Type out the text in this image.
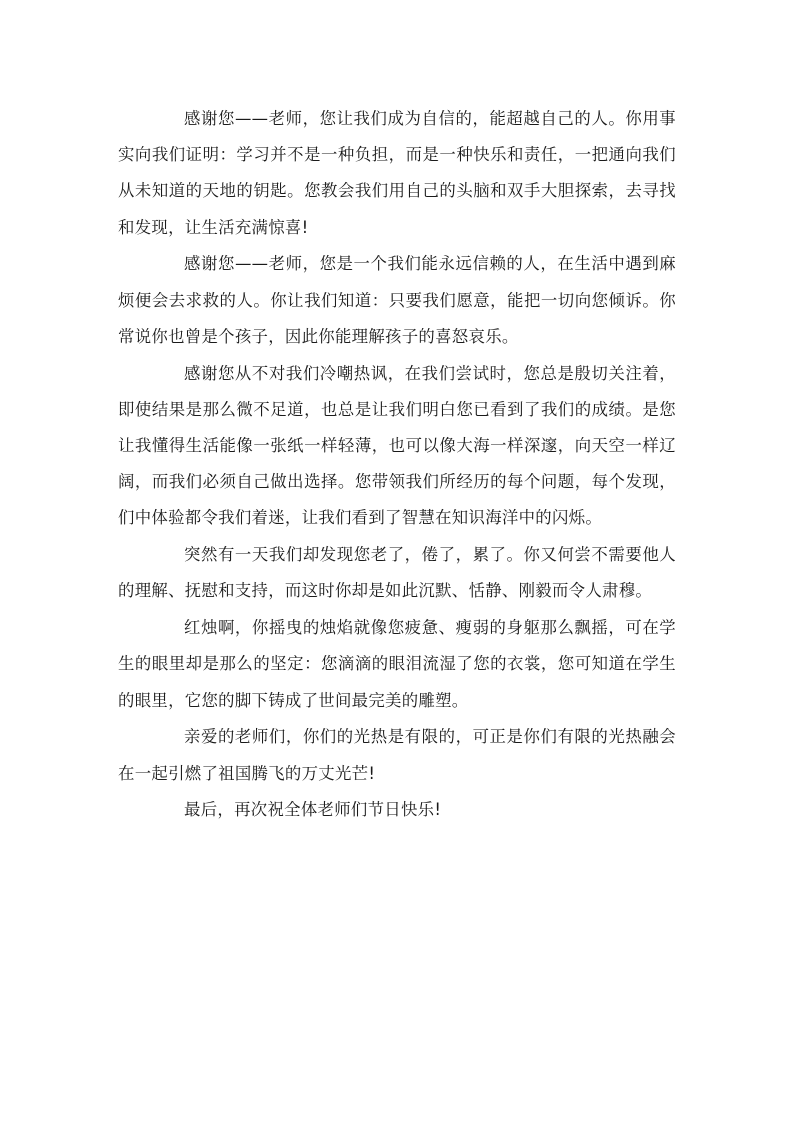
感谢您——老师，您让我们成为自信的，能超越自己的人。你用事实向我们证明：学习并不是一种负担，而是一种快乐和责任，一把通向我们从未知道的天地的钥匙。您教会我们用自己的头脑和双手大胆探索，去寻找和发现，让生活充满惊喜!

感谢您——老师，您是一个我们能永远信赖的人，在生活中遇到麻烦便会去求救的人。你让我们知道：只要我们愿意，能把一切向您倾诉。你常说你也曾是个孩子，因此你能理解孩子的喜怒哀乐。

感谢您从不对我们冷嘲热讽，在我们尝试时，您总是殷切关注着，即使结果是那么微不足道，也总是让我们明白您已看到了我们的成绩。是您让我懂得生活能像一张纸一样轻薄，也可以像大海一样深邃，向天空一样辽阔，而我们必须自己做出选择。您带领我们所经历的每个问题，每个发现，们中体验都令我们着迷，让我们看到了智慧在知识海洋中的闪烁。

突然有一天我们却发现您老了，倦了，累了。你又何尝不需要他人的理解、抚慰和支持，而这时你却是如此沉默、恬静、刚毅而令人肃穆。

红烛啊，你摇曳的烛焰就像您疲惫、瘦弱的身躯那么飘摇，可在学生的眼里却是那么的坚定：您滴滴的眼泪流湿了您的衣裳，您可知道在学生的眼里，它您的脚下铸成了世间最完美的雕塑。

亲爱的老师们，你们的光热是有限的，可正是你们有限的光热融会在一起引燃了祖国腾飞的万丈光芒!

最后，再次祝全体老师们节日快乐!
